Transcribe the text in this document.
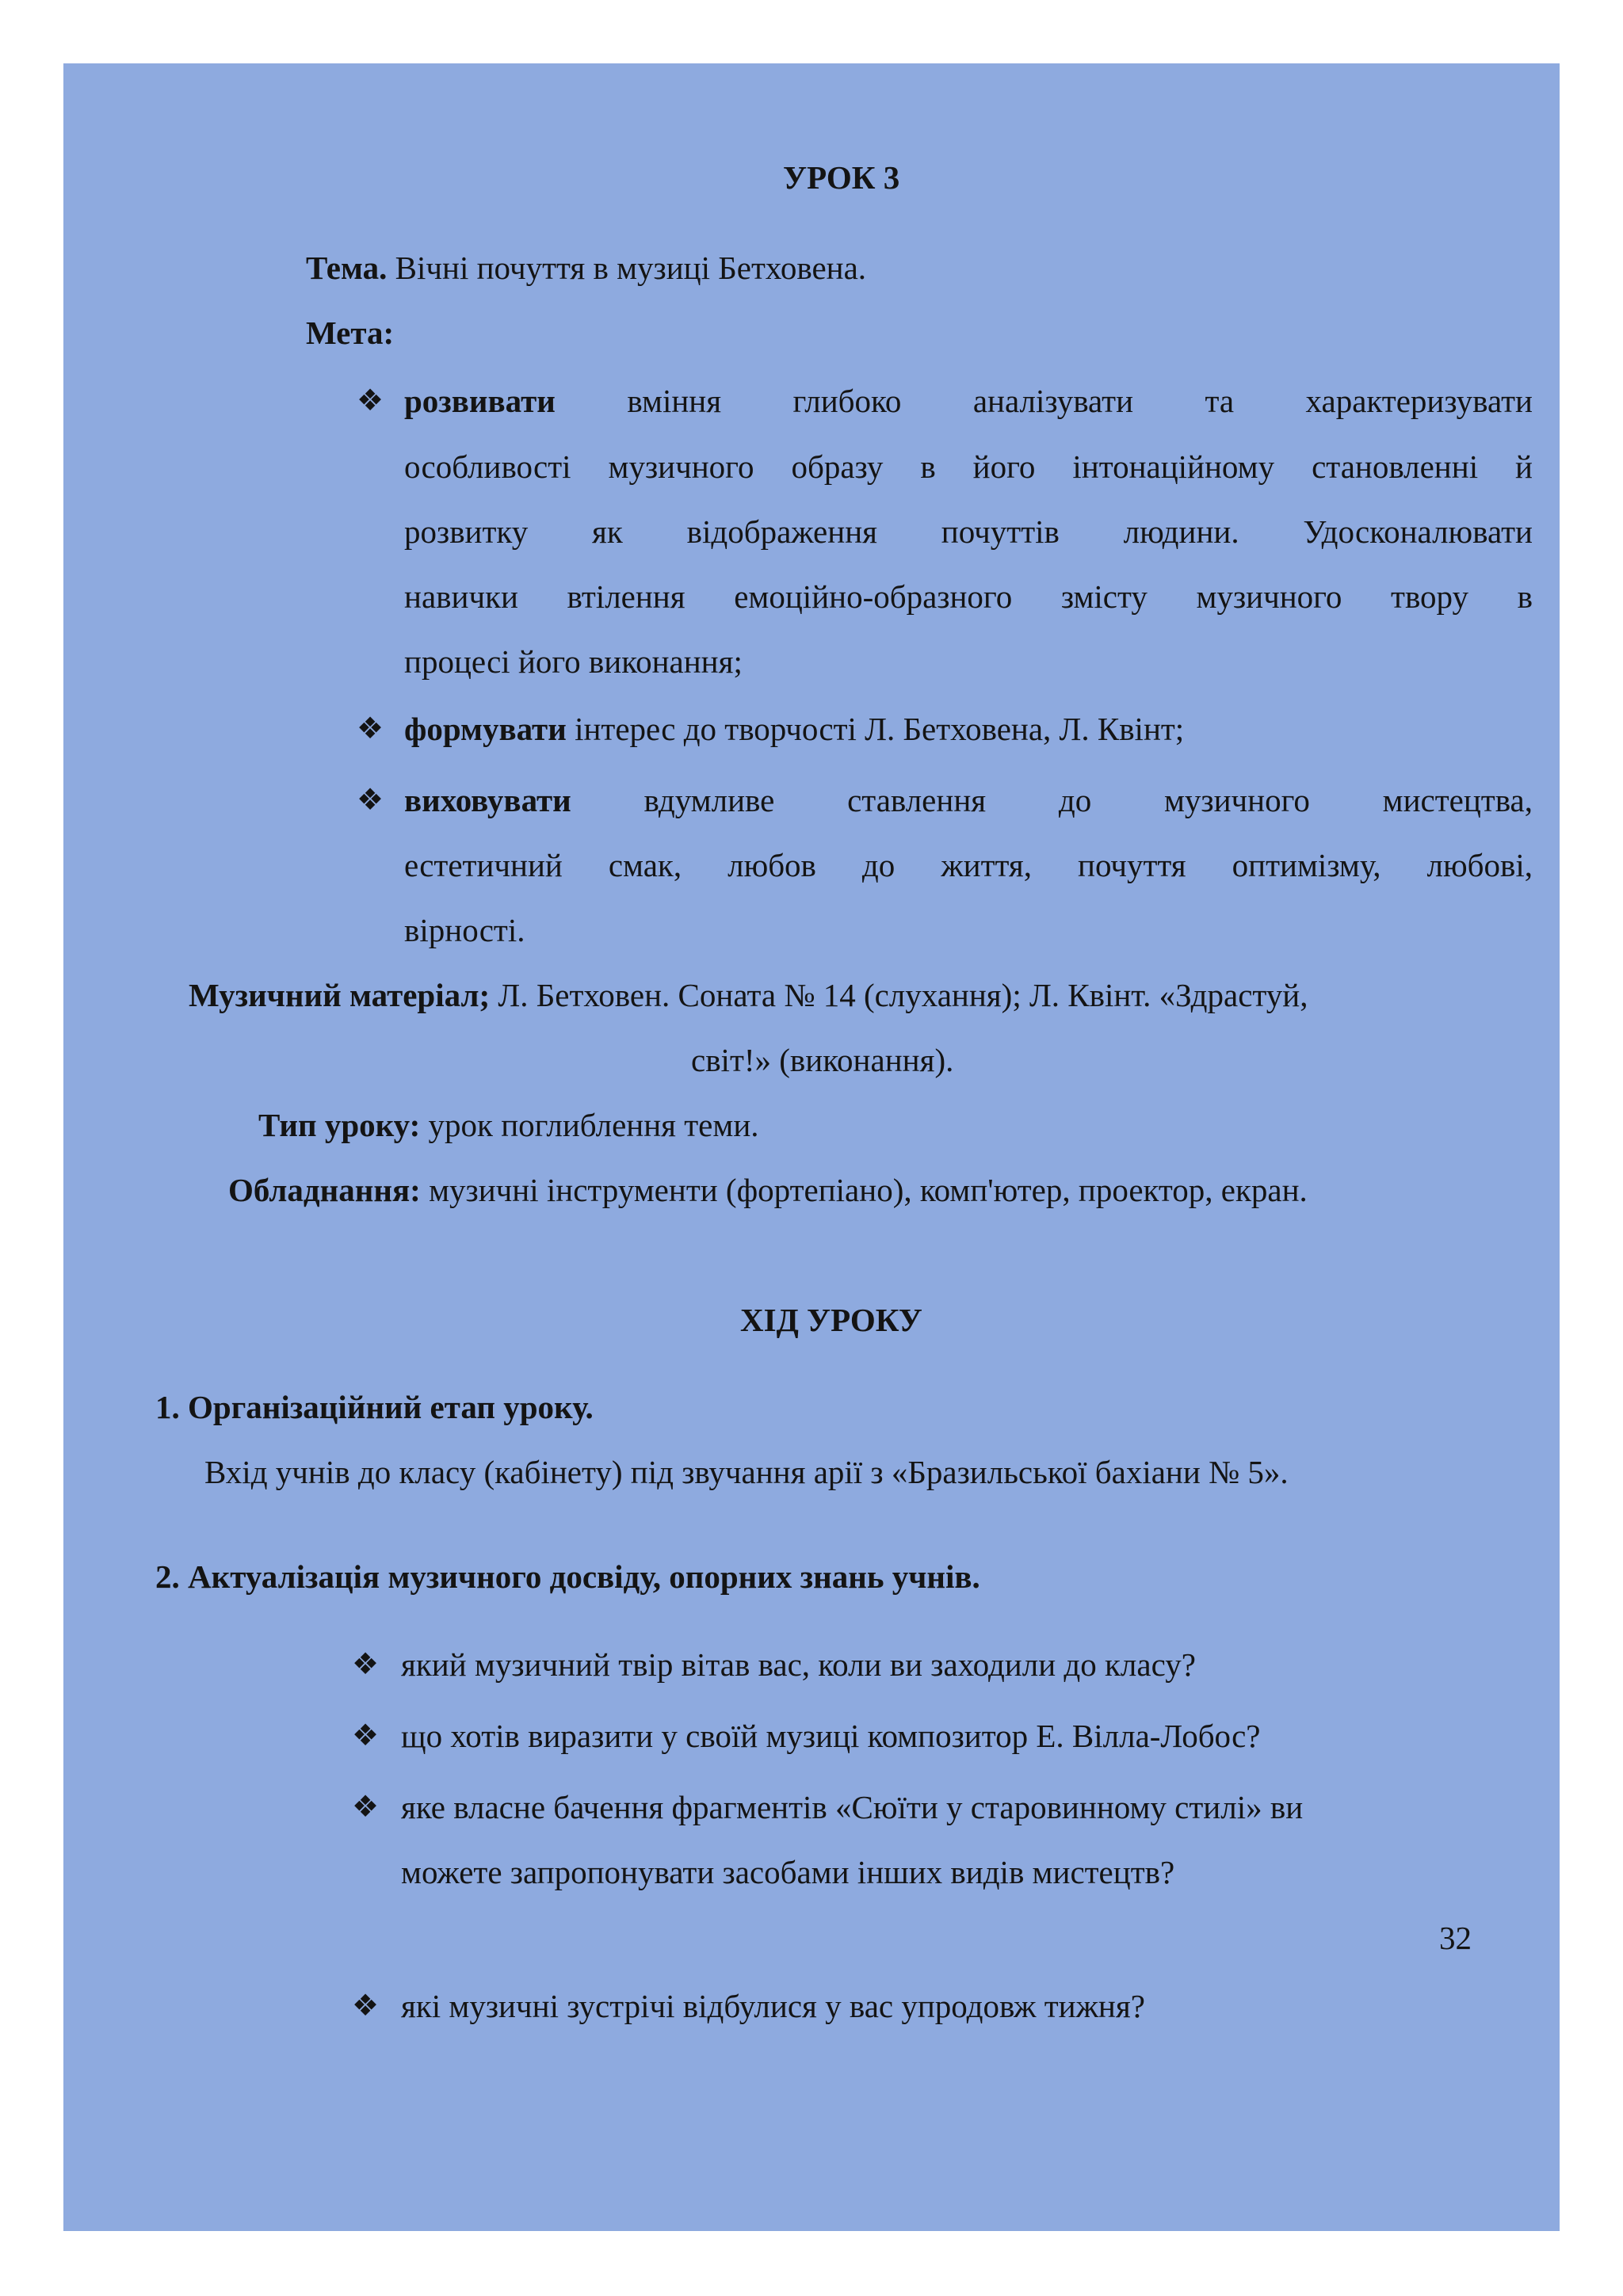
УРОК 3
Тема. Вічні почуття в музиці Бетховена.
Мета:
❖ розвивати вміння глибоко аналізувати та характеризувати
особливості музичного образу в його інтонаційному становленні й
розвитку як відображення почуттів людини. Удосконалювати
навички втілення емоційно-образного змісту музичного твору в
процесі його виконання;
❖ формувати інтерес до творчості Л. Бетховена, Л. Квінт;
❖ виховувати вдумливе ставлення до музичного мистецтва,
естетичний смак, любов до життя, почуття оптимізму, любові,
вірності.
Музичний матеріал; Л. Бетховен. Соната № 14 (слухання); Л. Квінт. «Здрастуй,
світ!» (виконання).
Тип уроку: урок поглиблення теми.
Обладнання: музичні інструменти (фортепіано), комп'ютер, проектор, екран.
ХІД УРОКУ
1. Організаційний етап уроку.
Вхід учнів до класу (кабінету) під звучання арії з «Бразильської бахіани № 5».
2. Актуалізація музичного досвіду, опорних знань учнів.
❖ який музичний твір вітав вас, коли ви заходили до класу?
❖ що хотів виразити у своїй музиці композитор Е. Вілла-Лобос?
❖ яке власне бачення фрагментів «Сюїти у старовинному стилі» ви
можете запропонувати засобами інших видів мистецтв?
32
❖ які музичні зустрічі відбулися у вас упродовж тижня?
